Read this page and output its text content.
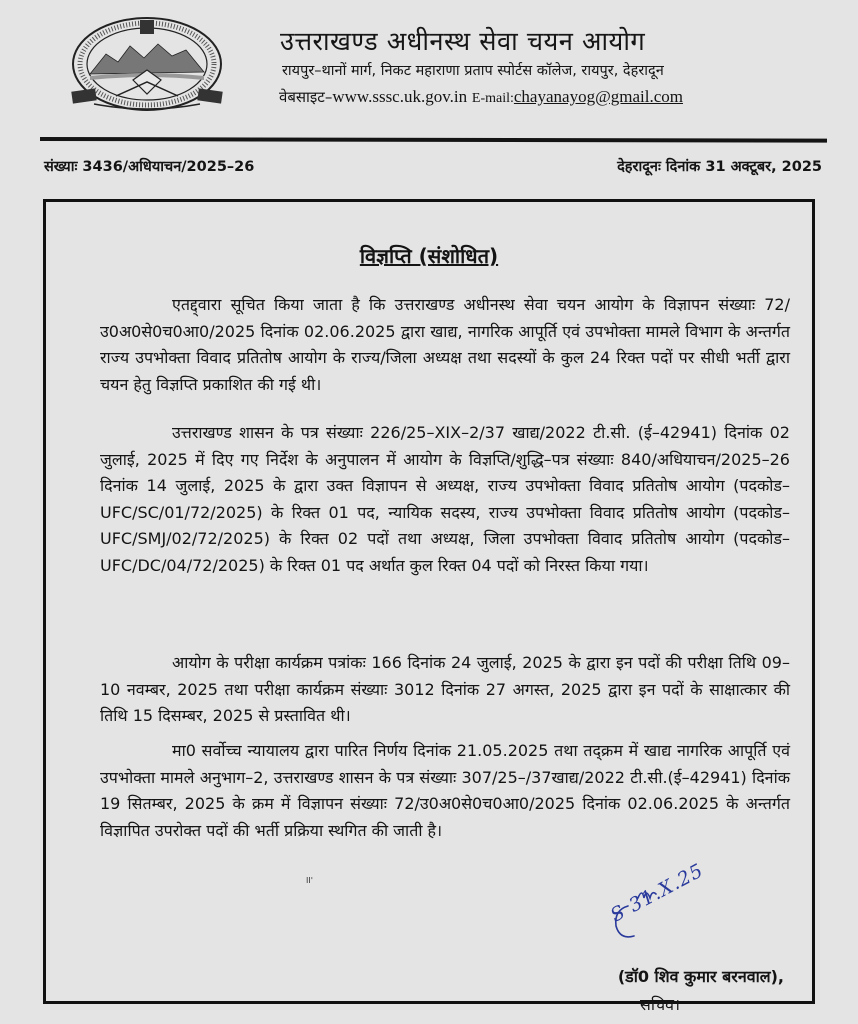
उत्तराखण्ड अधीनस्थ सेवा चयन आयोग
रायपुर–थानों मार्ग, निकट महाराणा प्रताप स्पोर्टस कॉलेज, रायपुर, देहरादून
वेबसाइट–www.sssc.uk.gov.in E-mail:chayanayog@gmail.com
संख्याः 3436/अधियाचन/2025–26	देहरादूनः दिनांक 31 अक्टूबर, 2025
विज्ञप्ति (संशोधित)

एतद्द्वारा सूचित किया जाता है कि उत्तराखण्ड अधीनस्थ सेवा चयन आयोग के विज्ञापन संख्याः 72/उ0अ0से0च0आ0/2025 दिनांक 02.06.2025 द्वारा खाद्य, नागरिक आपूर्ति एवं उपभोक्ता मामले विभाग के अन्तर्गत राज्य उपभोक्ता विवाद प्रतितोष आयोग के राज्य/जिला अध्यक्ष तथा सदस्यों के कुल 24 रिक्त पदों पर सीधी भर्ती द्वारा चयन हेतु विज्ञप्ति प्रकाशित की गई थी।

उत्तराखण्ड शासन के पत्र संख्याः 226/25–XIX–2/37 खाद्य/2022 टी.सी. (ई–42941) दिनांक 02 जुलाई, 2025 में दिए गए निर्देश के अनुपालन में आयोग के विज्ञप्ति/शुद्धि–पत्र संख्याः 840/अधियाचन/2025–26 दिनांक 14 जुलाई, 2025 के द्वारा उक्त विज्ञापन से अध्यक्ष, राज्य उपभोक्ता विवाद प्रतितोष आयोग (पदकोड–UFC/SC/01/72/2025) के रिक्त 01 पद, न्यायिक सदस्य, राज्य उपभोक्ता विवाद प्रतितोष आयोग (पदकोड–UFC/SMJ/02/72/2025) के रिक्त 02 पदों तथा अध्यक्ष, जिला उपभोक्ता विवाद प्रतितोष आयोग (पदकोड–UFC/DC/04/72/2025) के रिक्त 01 पद अर्थात कुल रिक्त 04 पदों को निरस्त किया गया।

आयोग के परीक्षा कार्यक्रम पत्रांकः 166 दिनांक 24 जुलाई, 2025 के द्वारा इन पदों की परीक्षा तिथि 09–10 नवम्बर, 2025 तथा परीक्षा कार्यक्रम संख्याः 3012 दिनांक 27 अगस्त, 2025 द्वारा इन पदों के साक्षात्कार की तिथि 15 दिसम्बर, 2025 से प्रस्तावित थी।

मा0 सर्वोच्च न्यायालय द्वारा पारित निर्णय दिनांक 21.05.2025 तथा तद्क्रम में खाद्य नागरिक आपूर्ति एवं उपभोक्ता मामले अनुभाग–2, उत्तराखण्ड शासन के पत्र संख्याः 307/25–/37खाद्य/2022 टी.सी.(ई–42941) दिनांक 19 सितम्बर, 2025 के क्रम में विज्ञापन संख्याः 72/उ0अ0से0च0आ0/2025 दिनांक 02.06.2025 के अन्तर्गत विज्ञापित उपरोक्त पदों की भर्ती प्रक्रिया स्थगित की जाती है।

II'	S 31.X.25
(डॉ0 शिव कुमार बरनवाल),
सचिव।
